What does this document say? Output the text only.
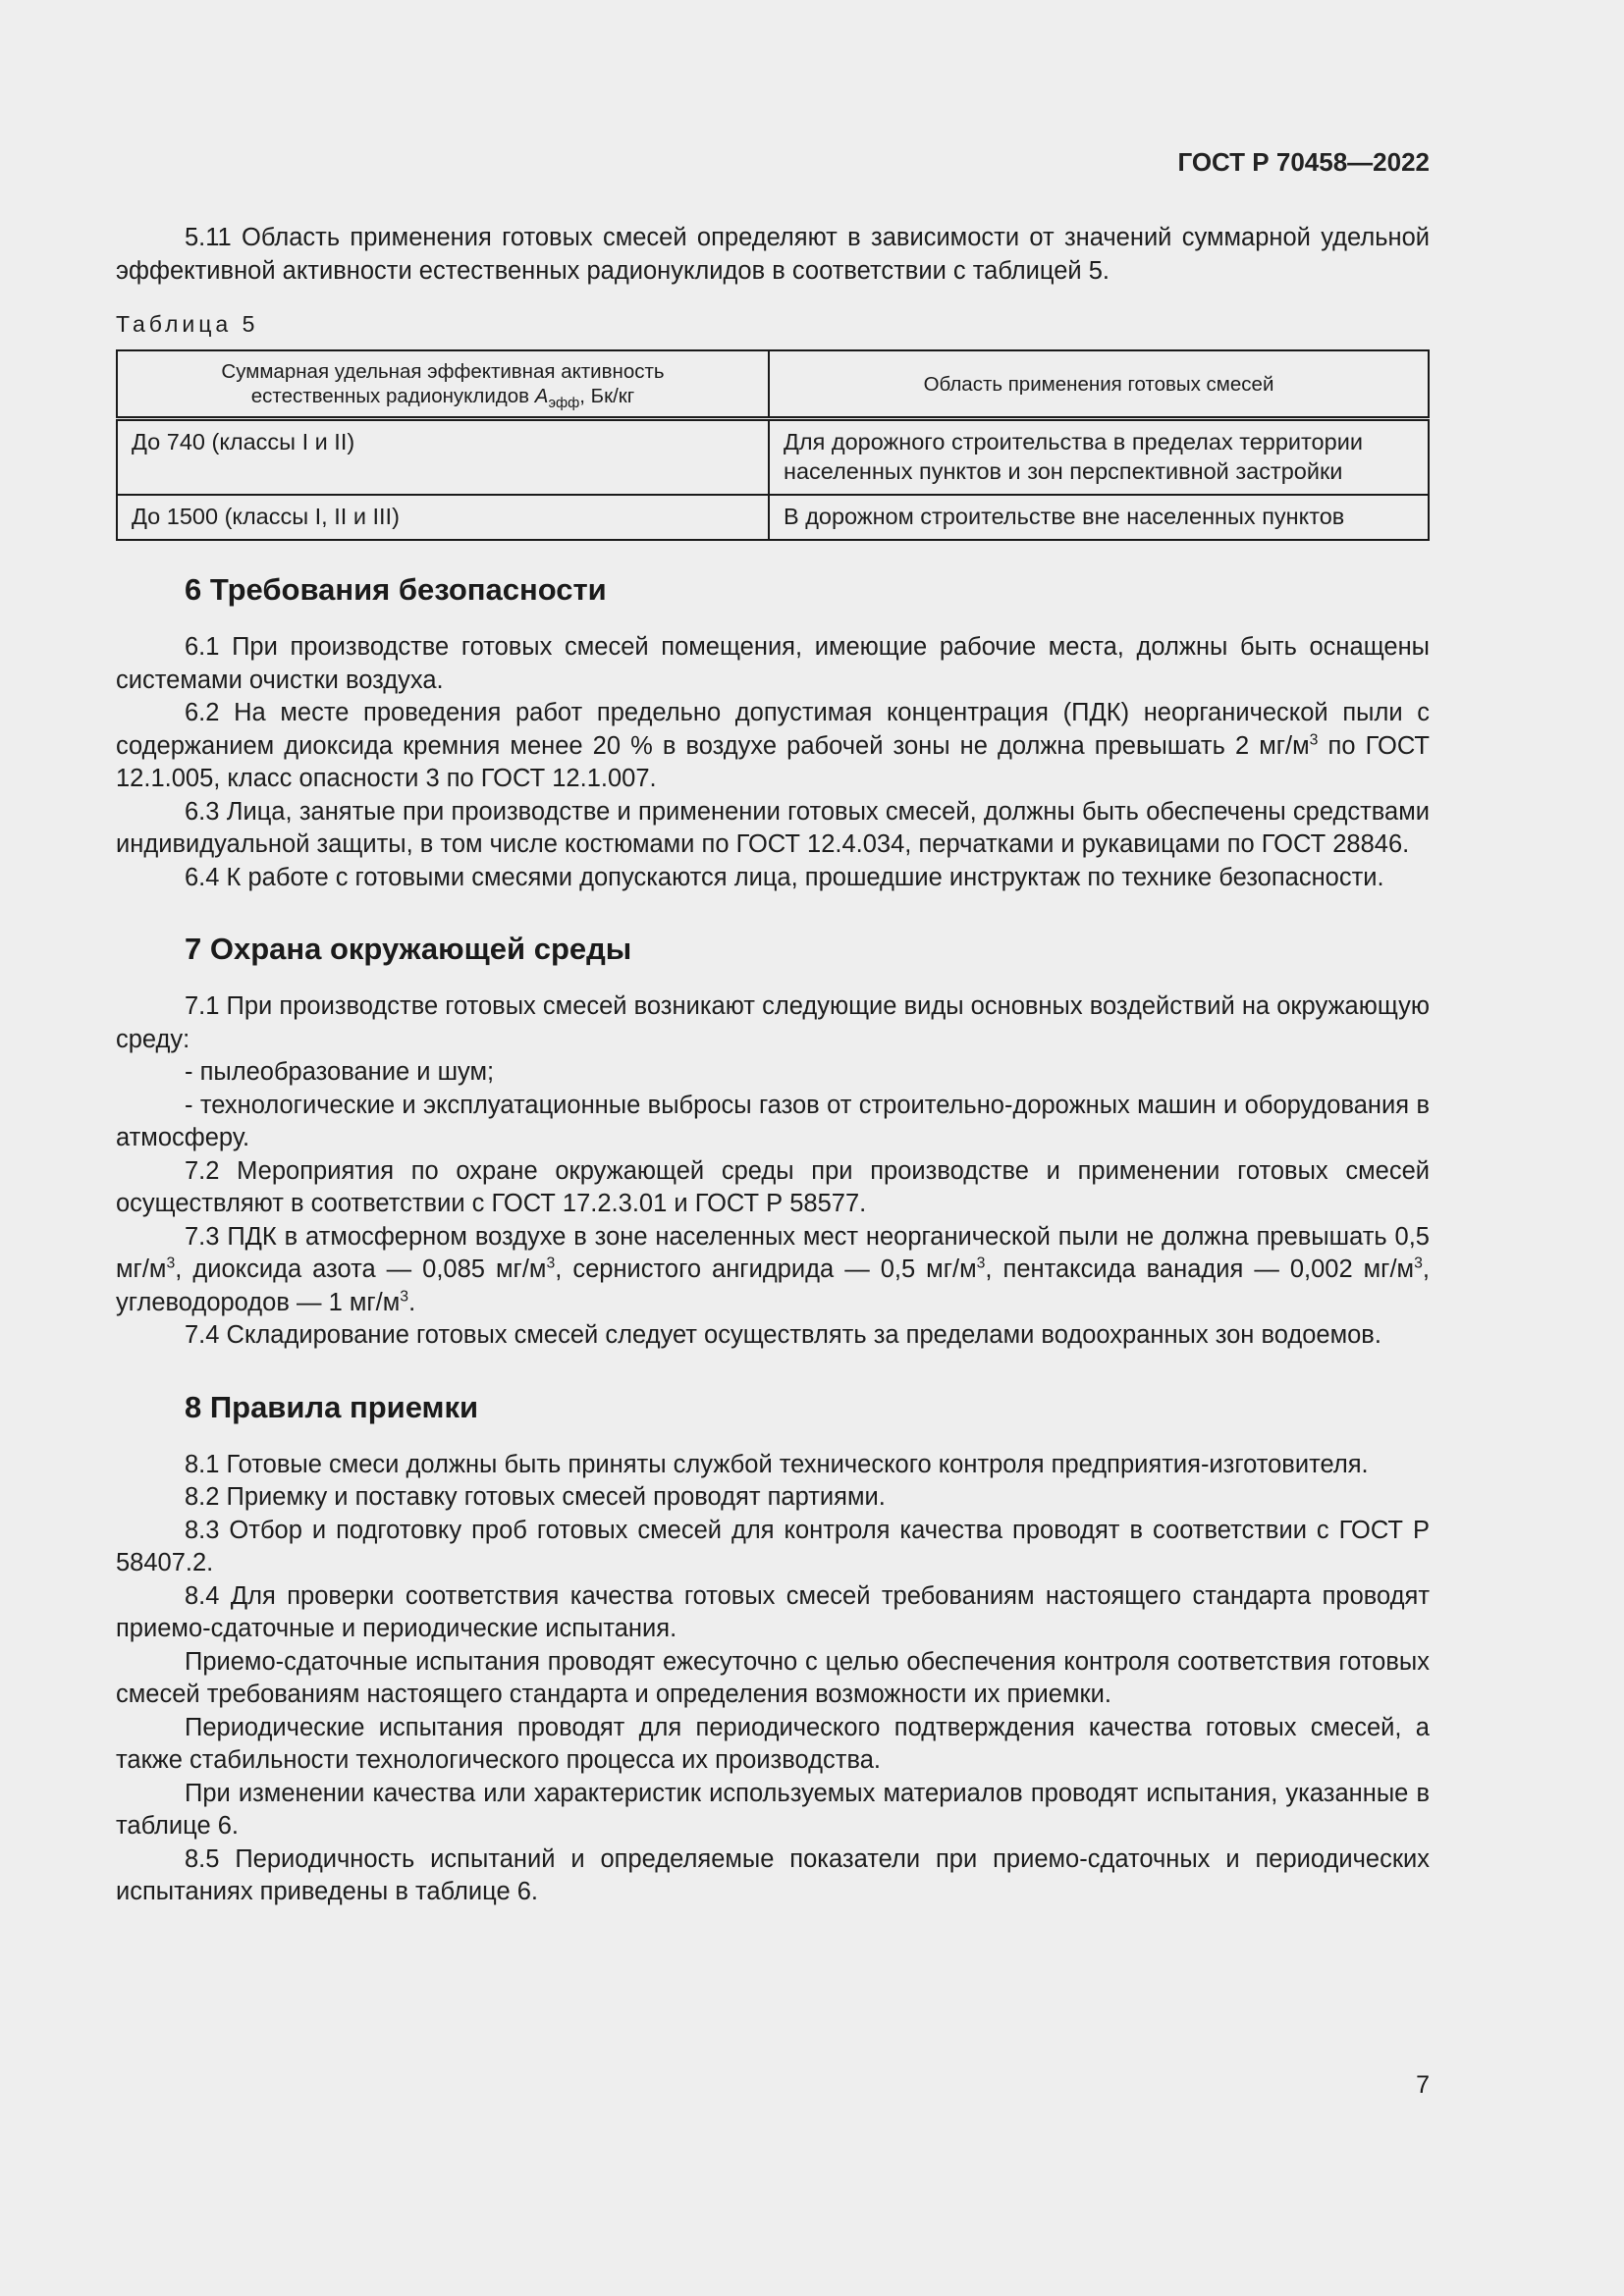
ГОСТ Р 70458—2022

5.11 Область применения готовых смесей определяют в зависимости от значений суммарной удельной эффективной активности естественных радионуклидов в соответствии с таблицей 5.

Таблица 5
Суммарная удельная эффективная активность
естественных радионуклидов $A_{эфф}$, Бк/кг	Область применения готовых смесей
До 740 (классы I и II)	Для дорожного строительства в пределах территории населенных пунктов и зон перспективной застройки
До 1500 (классы I, II и III)	В дорожном строительстве вне населенных пунктов
6 Требования безопасности

6.1 При производстве готовых смесей помещения, имеющие рабочие места, должны быть оснащены системами очистки воздуха.

6.2 На месте проведения работ предельно допустимая концентрация (ПДК) неорганической пыли с содержанием диоксида кремния менее 20 % в воздухе рабочей зоны не должна превышать 2 $мг/м^3$ по ГОСТ 12.1.005, класс опасности 3 по ГОСТ 12.1.007.

6.3 Лица, занятые при производстве и применении готовых смесей, должны быть обеспечены средствами индивидуальной защиты, в том числе костюмами по ГОСТ 12.4.034, перчатками и рукавицами по ГОСТ 28846.

6.4 К работе с готовыми смесями допускаются лица, прошедшие инструктаж по технике безопасности.

7 Охрана окружающей среды

7.1 При производстве готовых смесей возникают следующие виды основных воздействий на окружающую среду:

- пылеобразование и шум;

- технологические и эксплуатационные выбросы газов от строительно-дорожных машин и оборудования в атмосферу.

7.2 Мероприятия по охране окружающей среды при производстве и применении готовых смесей осуществляют в соответствии с ГОСТ 17.2.3.01 и ГОСТ Р 58577.

7.3 ПДК в атмосферном воздухе в зоне населенных мест неорганической пыли не должна превышать 0,5 $мг/м^3$, диоксида азота — 0,085 $мг/м^3$, сернистого ангидрида — 0,5 $мг/м^3$, пентаксида ванадия — 0,002 $мг/м^3$, углеводородов — 1 $мг/м^3$.

7.4 Складирование готовых смесей следует осуществлять за пределами водоохранных зон водоемов.

8 Правила приемки

8.1 Готовые смеси должны быть приняты службой технического контроля предприятия-изготовителя.

8.2 Приемку и поставку готовых смесей проводят партиями.

8.3 Отбор и подготовку проб готовых смесей для контроля качества проводят в соответствии с ГОСТ Р 58407.2.

8.4 Для проверки соответствия качества готовых смесей требованиям настоящего стандарта проводят приемо-сдаточные и периодические испытания.

Приемо-сдаточные испытания проводят ежесуточно с целью обеспечения контроля соответствия готовых смесей требованиям настоящего стандарта и определения возможности их приемки.

Периодические испытания проводят для периодического подтверждения качества готовых смесей, а также стабильности технологического процесса их производства.

При изменении качества или характеристик используемых материалов проводят испытания, указанные в таблице 6.

8.5 Периодичность испытаний и определяемые показатели при приемо-сдаточных и периодических испытаниях приведены в таблице 6.

7
